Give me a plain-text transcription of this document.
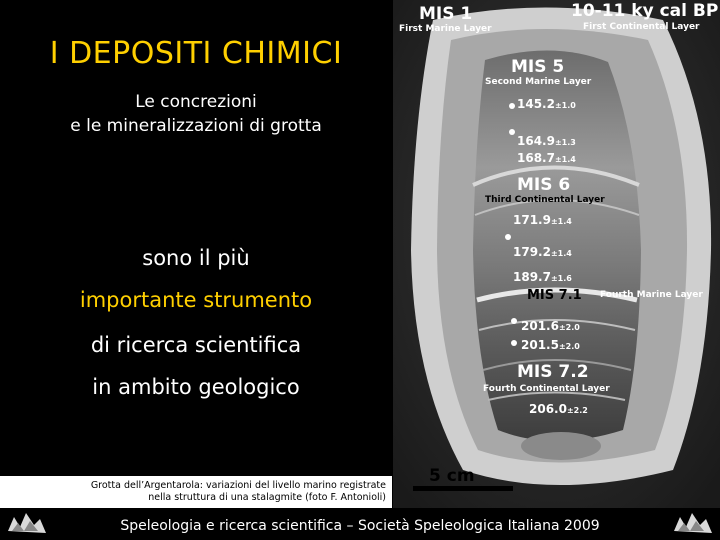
I DEPOSITI CHIMICI
Le concrezioni
e le mineralizzazioni di grotta
sono il più
importante strumento
di ricerca scientifica
in ambito geologico
Grotta dell’Argentarola: variazioni del livello marino registrate
nella struttura di una stalagmite (foto F. Antonioli)
MIS 1
First Marine Layer
10-11 ky cal BP
First Continental Layer
MIS 5
Second Marine Layer
145.2±1.0
164.9±1.3
168.7±1.4
MIS 6
Third Continental Layer
171.9±1.4
179.2±1.4
189.7±1.6
MIS 7.1 Fourth Marine Layer
201.6±2.0
201.5±2.0
MIS 7.2
Fourth Continental Layer
206.0±2.2
5 cm
Speleologia e ricerca scientifica – Società Speleologica Italiana 2009
